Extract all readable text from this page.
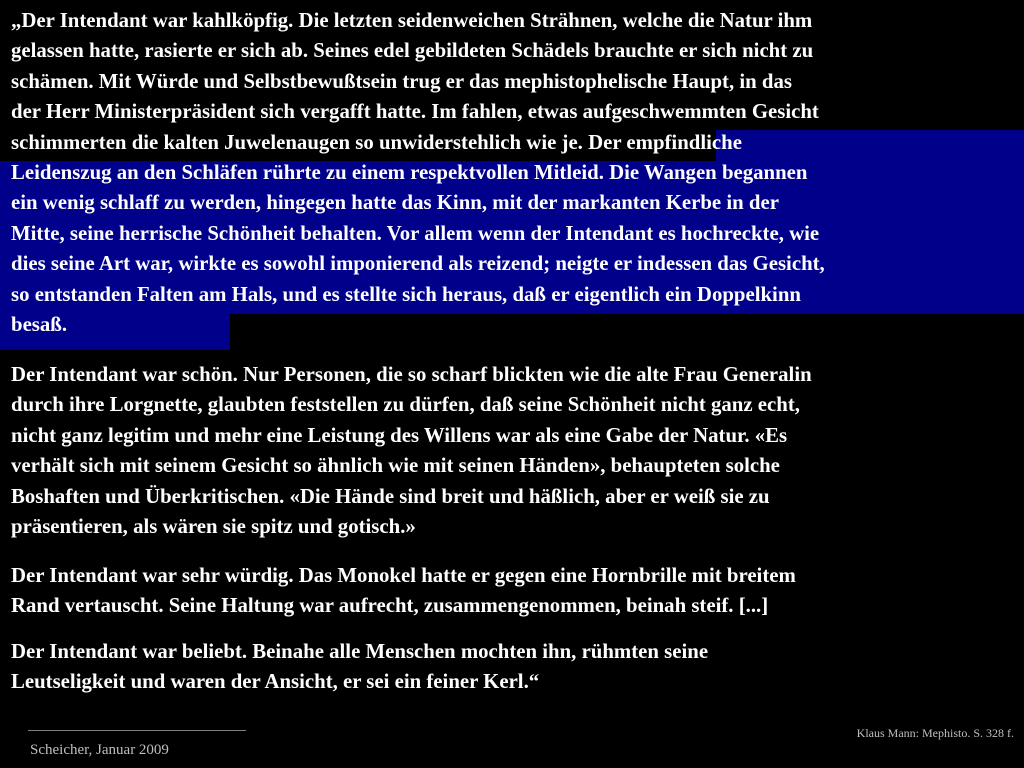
„Der Intendant war kahlköpfig. Die letzten seidenweichen Strähnen, welche die Natur ihm
gelassen hatte, rasierte er sich ab. Seines edel gebildeten Schädels brauchte er sich nicht zu
schämen. Mit Würde und Selbstbewußtsein trug er das mephistophelische Haupt, in das
der Herr Ministerpräsident sich vergafft hatte. Im fahlen, etwas aufgeschwemmten Gesicht
schimmerten die kalten Juwelenaugen so unwiderstehlich wie je. Der empfindliche
Leidenszug an den Schläfen rührte zu einem respektvollen Mitleid. Die Wangen begannen
ein wenig schlaff zu werden, hingegen hatte das Kinn, mit der markanten Kerbe in der
Mitte, seine herrische Schönheit behalten. Vor allem wenn der Intendant es hochreckte, wie
dies seine Art war, wirkte es sowohl imponierend als reizend; neigte er indessen das Gesicht,
so entstanden Falten am Hals, und es stellte sich heraus, daß er eigentlich ein Doppelkinn
besaß.
Der Intendant war schön. Nur Personen, die so scharf blickten wie die alte Frau Generalin
durch ihre Lorgnette, glaubten feststellen zu dürfen, daß seine Schönheit nicht ganz echt,
nicht ganz legitim und mehr eine Leistung des Willens war als eine Gabe der Natur. «Es
verhält sich mit seinem Gesicht so ähnlich wie mit seinen Händen», behaupteten solche
Boshaften und Überkritischen. «Die Hände sind breit und häßlich, aber er weiß sie zu
präsentieren, als wären sie spitz und gotisch.»
Der Intendant war sehr würdig. Das Monokel hatte er gegen eine Hornbrille mit breitem
Rand vertauscht. Seine Haltung war aufrecht, zusammengenommen, beinah steif. [...]
Der Intendant war beliebt. Beinahe alle Menschen mochten ihn, rühmten seine
Leutseligkeit und waren der Ansicht, er sei ein feiner Kerl.“
Scheicher, Januar 2009
Klaus Mann: Mephisto. S. 328 f.
